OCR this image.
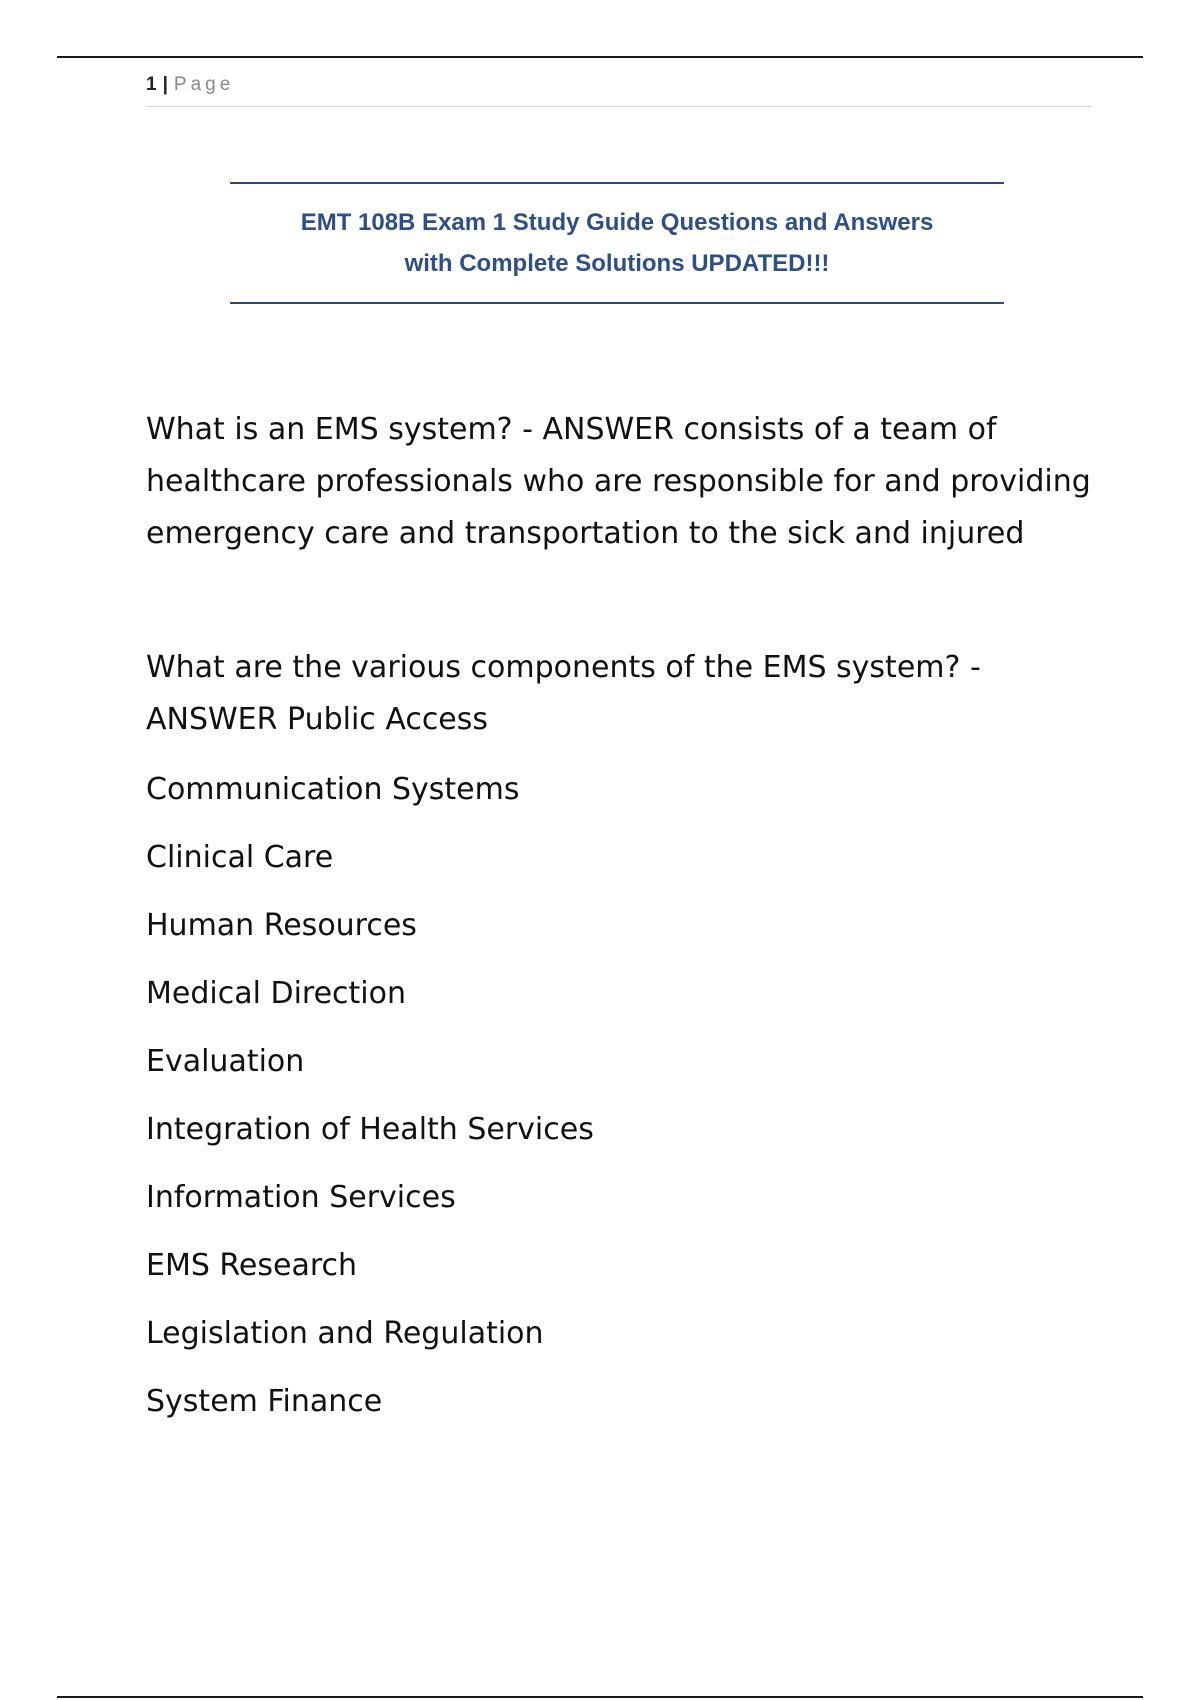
1 | Page
EMT 108B Exam 1 Study Guide Questions and Answers
with Complete Solutions UPDATED!!!

What is an EMS system? - ANSWER consists of a team of healthcare professionals who are responsible for and providing emergency care and transportation to the sick and injured

What are the various components of the EMS system? - ANSWER Public Access

Communication Systems

Clinical Care

Human Resources

Medical Direction

Evaluation

Integration of Health Services

Information Services

EMS Research

Legislation and Regulation

System Finance
